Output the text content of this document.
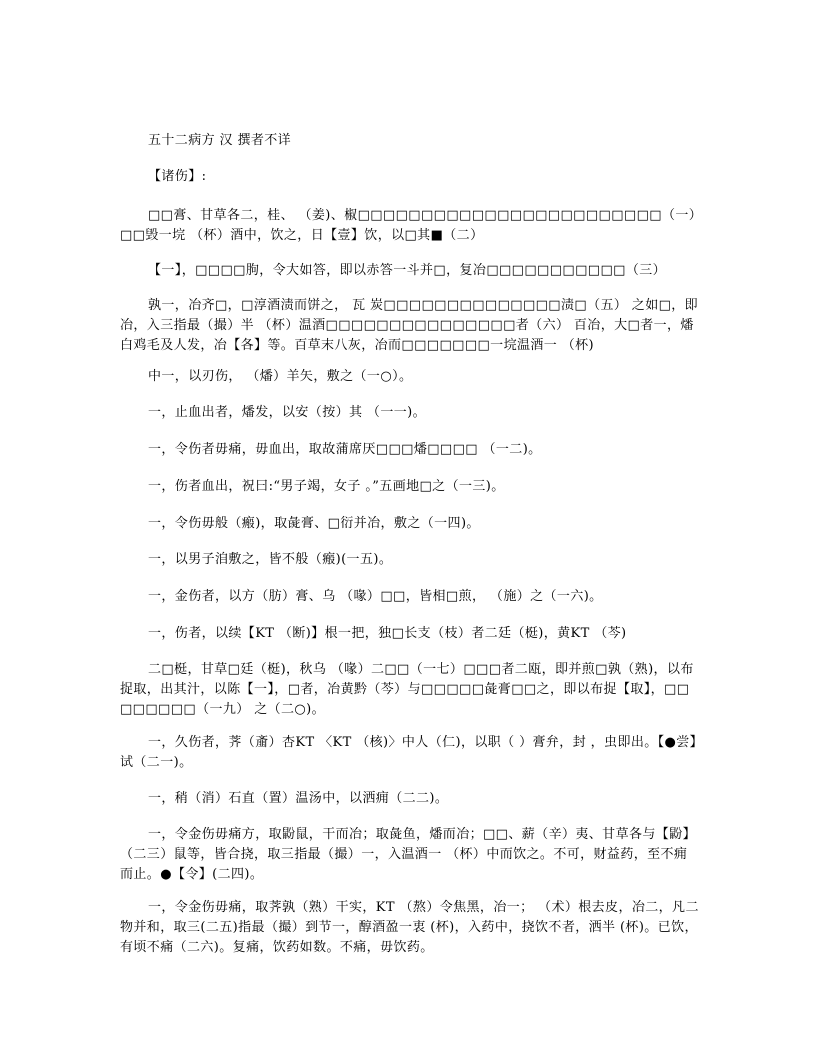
五十二病方 汉 撰者不详

【诸伤】:

□□膏、甘草各二，桂、 （姜)、椒□□□□□□□□□□□□□□□□□□□□□□□□（一）□□毁一垸 （杯）酒中，饮之，日【壹】饮，以□其■（二）

【一】，□□□□朐，令大如答，即以赤答一斗并□，复冶□□□□□□□□□□□（三）

孰一，冶齐□，□淳酒渍而饼之， 瓦 炭□□□□□□□□□□□□□□渍□（五） 之如□，即冶，入三指最（撮）半 （杯）温酒□□□□□□□□□□□□□□□者（六） 百冶，大□者一，燔白鸡毛及人发，冶【各】等。百草末八灰，冶而□□□□□□□一垸温酒一 （杯)

中一，以刃伤， （燔）羊矢，敷之（一○）。

一，止血出者，燔发，以安（按）其 （一一)。

一，令伤者毋痛，毋血出，取故蒲席厌□□□燔□□□□ （一二)。

一，伤者血出，祝曰:“男子竭，女子 。”五画地□之（一三)。

一，令伤毋般（瘢)，取彘膏、□衍并冶，敷之（一四)。

一，以男子洎敷之，皆不般（瘢)(一五)。

一，金伤者，以方（肪）膏、乌 （喙）□□，皆相□煎， （施）之（一六)。

一，伤者，以续【KT （断)】根一把，独□长支（枝）者二廷（梃)，黄KT （芩)

二□梃，甘草□廷（梃)，秋乌 （喙）二□□（一七）□□□者二瓯，即并煎□孰（熟)，以布捉取，出其汁，以陈【一】，□者，冶黄黔（芩）与□□□□□彘膏□□之，即以布捉【取】，□□□□□□□□（一九） 之（二○)。

一，久伤者，荠（齑）杏KT 〈KT （核)〉中人（仁)，以职（ ）膏弁，封 ，虫即出。【●尝】试（二一)。

一，稍（消）石直（置）温汤中，以洒痈（二二)。

一，令金伤毋痛方，取鼢鼠，干而冶；取彘鱼，燔而冶；□□、薪（辛）夷、甘草各与【鼢】（二三）鼠等，皆合挠，取三指最（撮）一，入温酒一 （杯）中而饮之。不可，财益药，至不痈而止。●【令】(二四)。

一，令金伤毋痛，取荠孰（熟）干实，KT （熬）令焦黑，冶一； （术）根去皮，冶二，凡二物并和，取三(二五)指最（撮）到节一，醇酒盈一衷 (杯)，入药中，挠饮不者，洒半 (杯)。已饮，有顷不痛（二六)。复痛，饮药如数。不痛，毋饮药。
